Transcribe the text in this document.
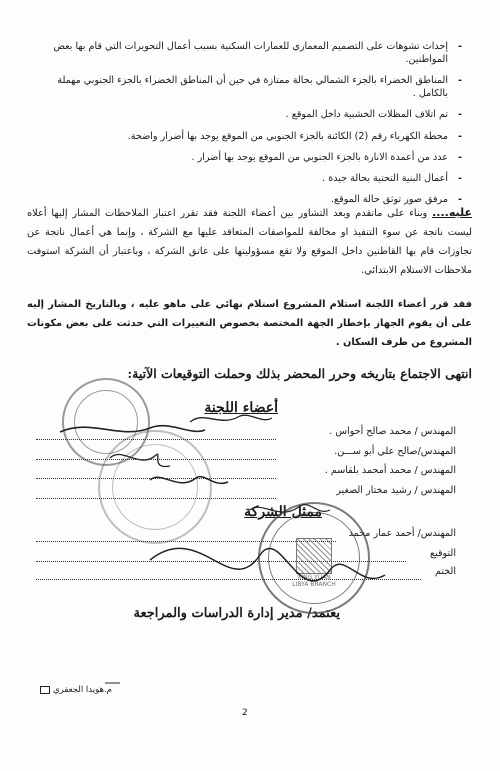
- إحداث تشوهات على التصميم المعماري للعمارات السكنية بسبب أعمال التحويرات التي قام بها بعض المواطنين.
- المناطق الخضراء بالجزء الشمالي بحالة ممتازة في حين أن المناطق الخضراء بالجزء الجنوبي مهملة بالكامل .
- تم اتلاف المظلات الخشبية داخل الموقع .
- محطة الكهرباء رقم (2) الكائنة بالجزء الجنوبي من الموقع يوجد بها أضرار واضحة.
- عدد من أعمدة الانارة بالجزء الجنوبي من الموقع يوجد بها أضرار .
- أعمال البنية التحتية بحالة جيدة .
- مرفق صور توثق حالة الموقع.
عليه.... وبناء على ماتقدم وبعد التشاور بين أعضاء اللجنة فقد تقرر اعتبار الملاحظات المشار إليها أعلاه ليست ناتجة عن سوء التنفيذ او مخالفة للمواصفات المتعاقد عليها مع الشركة ، وإنما هي أعمال ناتجة عن تجاوزات قام بها القاطنين داخل الموقع ولا تقع مسؤوليتها على عاتق الشركة ، وباعتبار أن الشركة استوفت ملاحظات الاستلام الابتدائي.
فقد قرر أعضاء اللجنة استلام المشروع استلام نهائي على ماهو عليه ، وبالتاريخ المشار إليه على أن يقوم الجهاز بإخطار الجهة المختصة بخصوص التغييرات التي حدثت على بعض مكونات المشروع من طرف السكان .
انتهى الاجتماع بتاريخه وحرر المحضر بذلك وحملت التوقيعات الآتية:
أعضاء اللجنة
المهندس / محمد صالح أحواس .
المهندس/صالح علي أبو ســـن.
المهندس / محمد أمحمد بلقاسم .
المهندس / رشيد مختار الصغير
ممثل الشركة
المهندس/ أحمد عمار محمد
التوقيع
الختم
يعتمد/ مدير إدارة الدراسات والمراجعة
م.هويدا الجعفري
2
XING YUAN
LIBYA BRANCH
